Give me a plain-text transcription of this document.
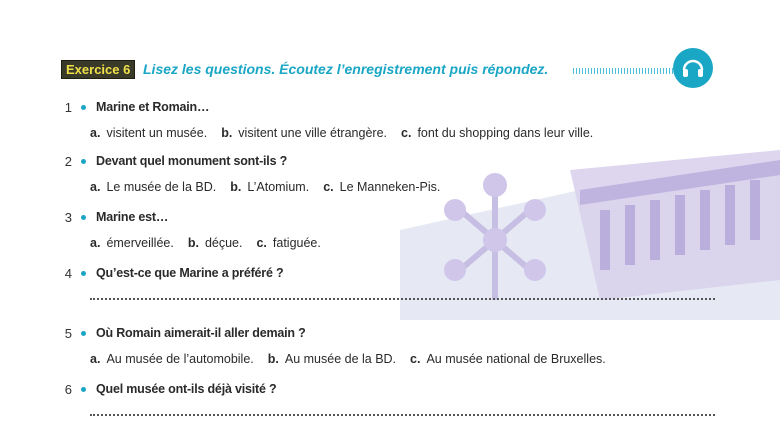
Exercice 6 Lisez les questions. Écoutez l’enregistrement puis répondez.
1 Marine et Romain…
a. visitent un musée. b. visitent une ville étrangère. c. font du shopping dans leur ville.
2 Devant quel monument sont-ils ?
a. Le musée de la BD. b. L’Atomium. c. Le Manneken-Pis.
3 Marine est…
a. émerveillée. b. déçue. c. fatiguée.
4 Qu’est-ce que Marine a préféré ?
5 Où Romain aimerait-il aller demain ?
a. Au musée de l’automobile. b. Au musée de la BD. c. Au musée national de Bruxelles.
6 Quel musée ont-ils déjà visité ?
